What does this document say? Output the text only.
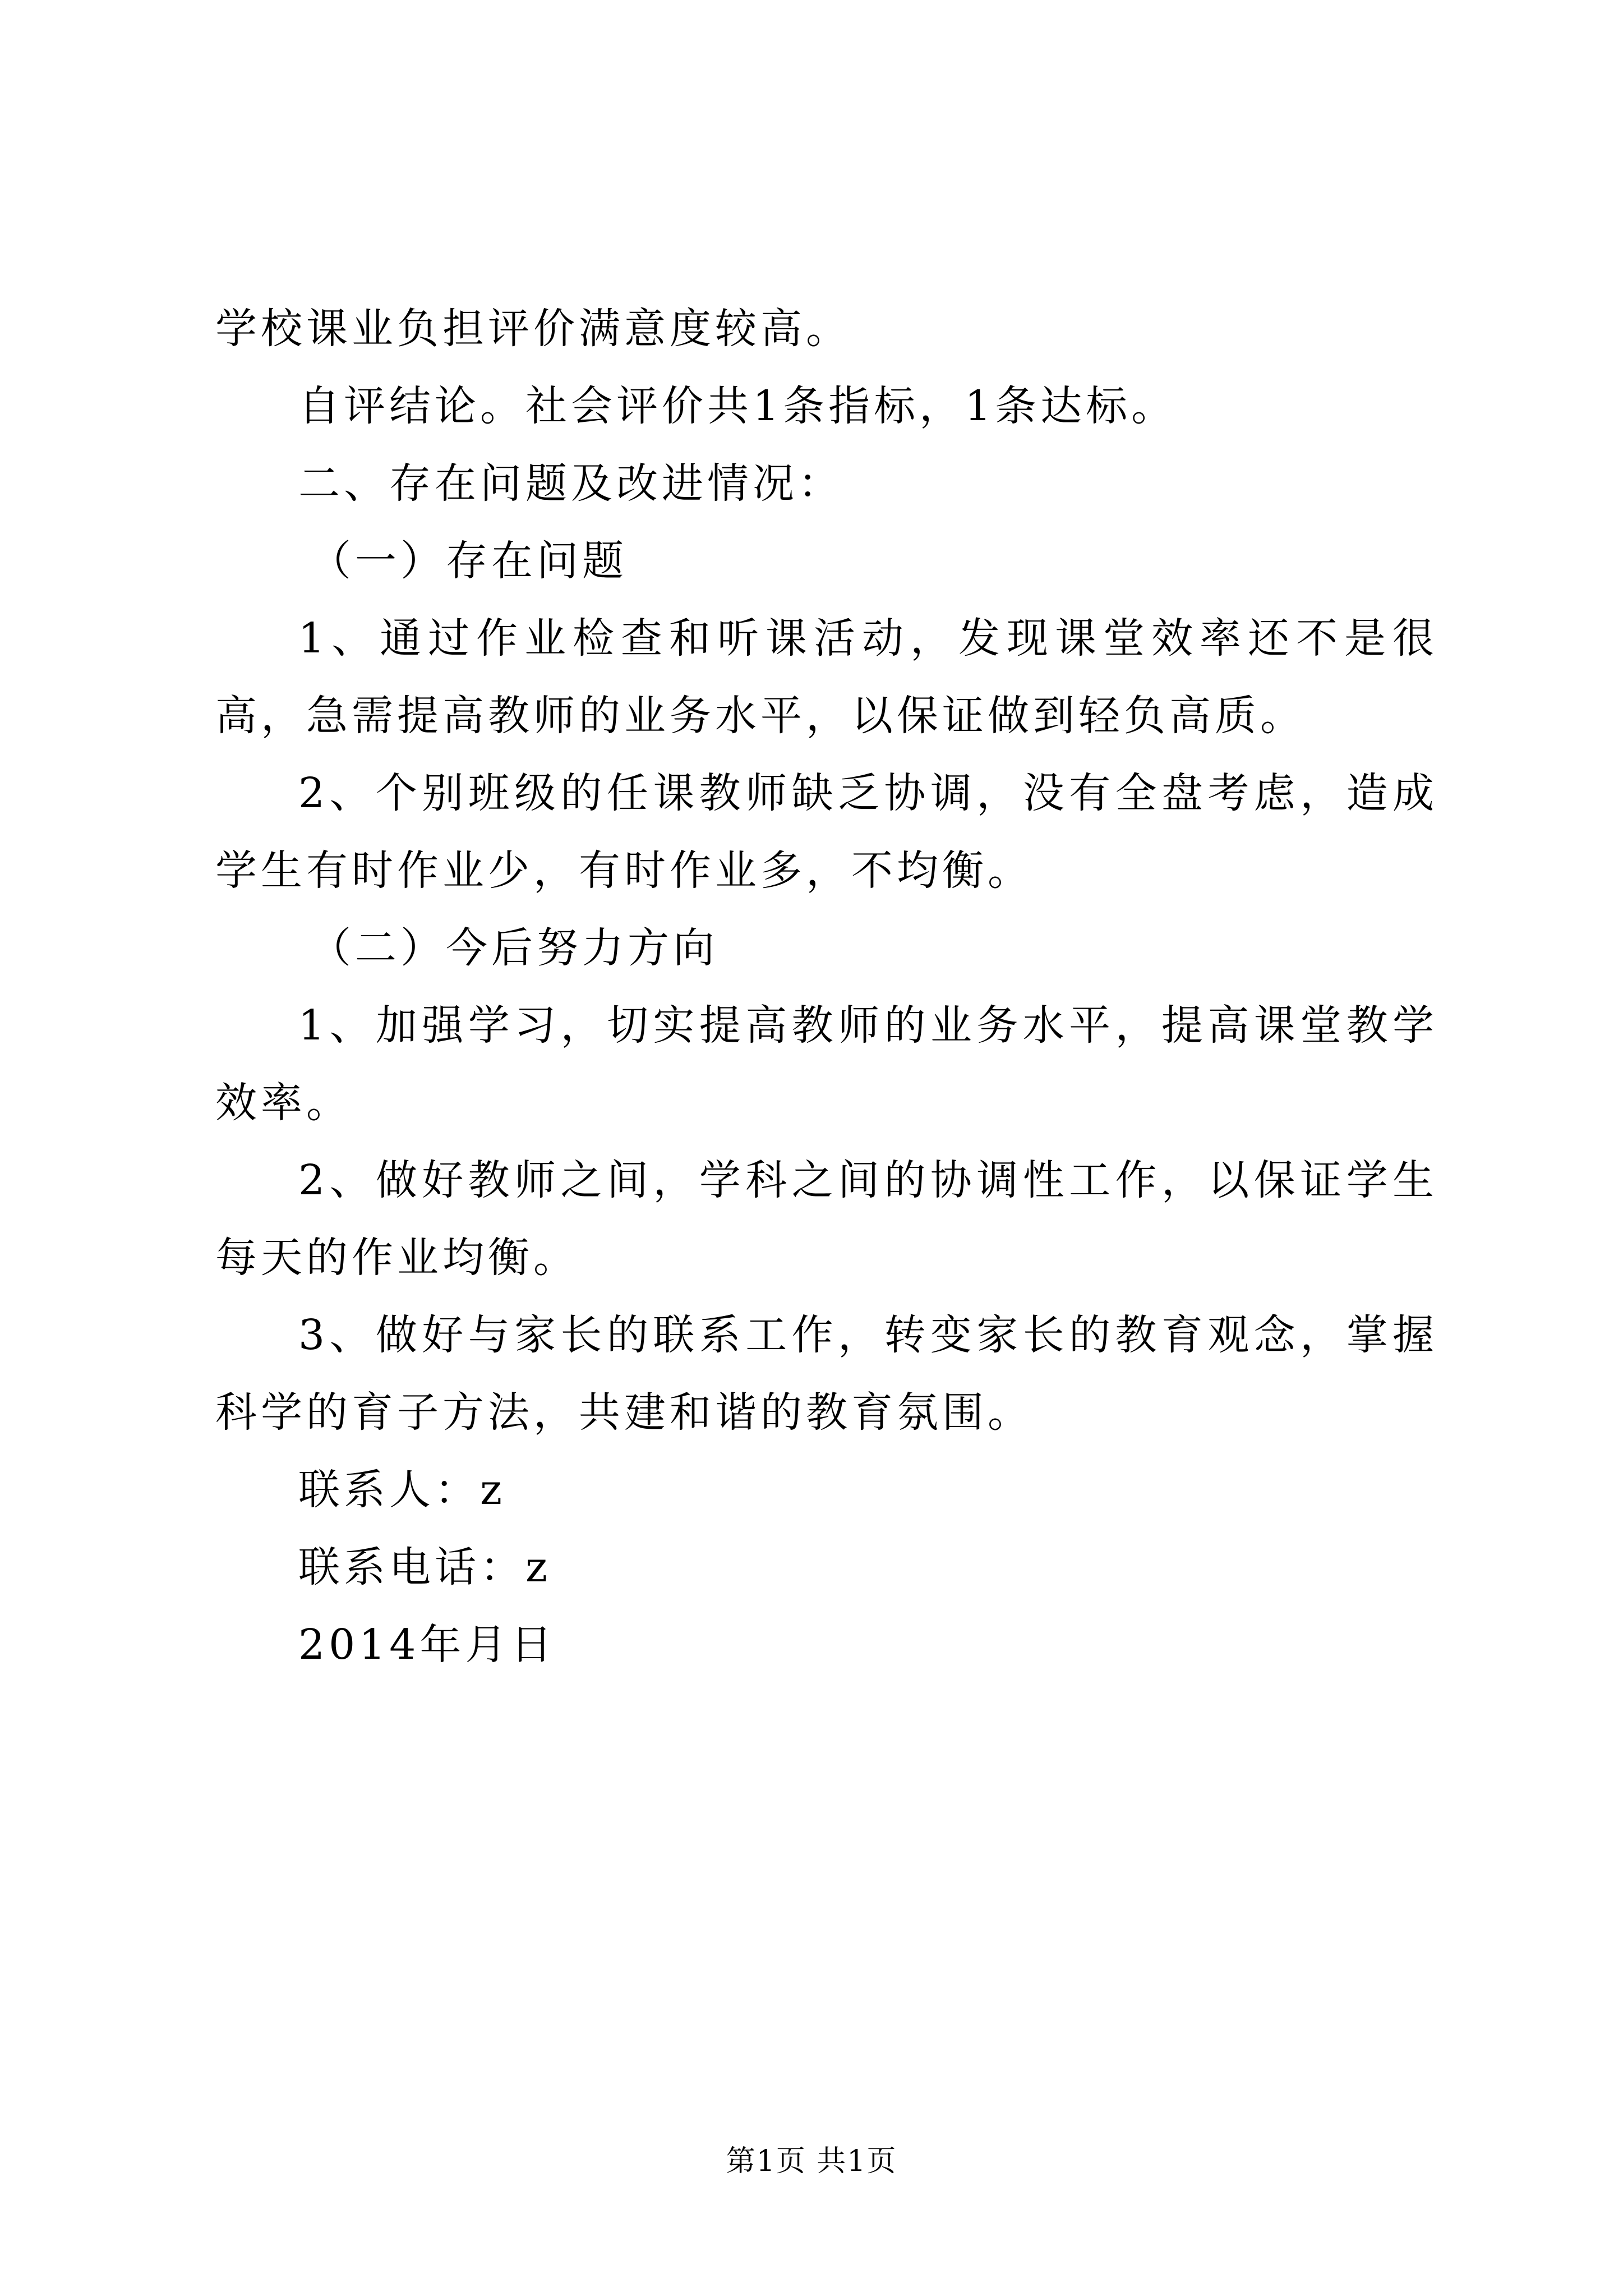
学校课业负担评价满意度较高。

自评结论。社会评价共1条指标，1条达标。

二、存在问题及改进情况：

（一）存在问题

1、通过作业检查和听课活动，发现课堂效率还不是很高，急需提高教师的业务水平，以保证做到轻负高质。

2、个别班级的任课教师缺乏协调，没有全盘考虑，造成学生有时作业少，有时作业多，不均衡。

（二）今后努力方向

1、加强学习，切实提高教师的业务水平，提高课堂教学效率。

2、做好教师之间，学科之间的协调性工作，以保证学生每天的作业均衡。

3、做好与家长的联系工作，转变家长的教育观念，掌握科学的育子方法，共建和谐的教育氛围。

联系人：z

联系电话：z

2014年月日

第1页 共1页
